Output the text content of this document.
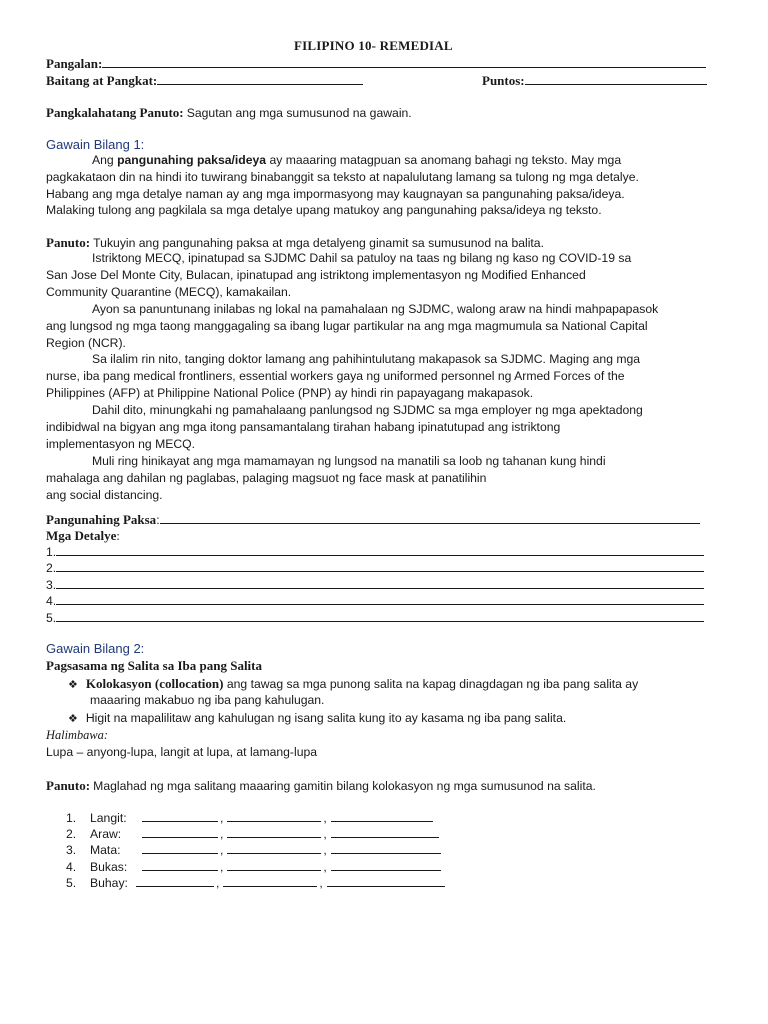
FILIPINO 10- REMEDIAL
Pangalan:
Baitang at Pangkat:	Puntos:
Pangkalahatang Panuto: Sagutan ang mga sumusunod na gawain.
Gawain Bilang 1:

Ang pangunahing paksa/ideya ay maaaring matagpuan sa anomang bahagi ng teksto. May mga

pagkakataon din na hindi ito tuwirang binabanggit sa teksto at napalulutang lamang sa tulong ng mga detalye.

Habang ang mga detalye naman ay ang mga impormasyong may kaugnayan sa pangunahing paksa/ideya.

Malaking tulong ang pagkilala sa mga detalye upang matukoy ang pangunahing paksa/ideya ng teksto.

Panuto: Tukuyin ang pangunahing paksa at mga detalyeng ginamit sa sumusunod na balita.

Istriktong MECQ, ipinatupad sa SJDMC Dahil sa patuloy na taas ng bilang ng kaso ng COVID-19 sa

San Jose Del Monte City, Bulacan, ipinatupad ang istriktong implementasyon ng Modified Enhanced

Community Quarantine (MECQ), kamakailan.

Ayon sa panuntunang inilabas ng lokal na pamahalaan ng SJDMC, walong araw na hindi mahpapapasok

ang lungsod ng mga taong manggagaling sa ibang lugar partikular na ang mga magmumula sa National Capital

Region (NCR).

Sa ilalim rin nito, tanging doktor lamang ang pahihintulutang makapasok sa SJDMC. Maging ang mga

nurse, iba pang medical frontliners, essential workers gaya ng uniformed personnel ng Armed Forces of the

Philippines (AFP) at Philippine National Police (PNP) ay hindi rin papayagang makapasok.

Dahil dito, minungkahi ng pamahalaang panlungsod ng SJDMC sa mga employer ng mga apektadong

indibidwal na bigyan ang mga itong pansamantalang tirahan habang ipinatutupad ang istriktong

implementasyon ng MECQ.

Muli ring hinikayat ang mga mamamayan ng lungsod na manatili sa loob ng tahanan kung hindi

mahalaga ang dahilan ng paglabas, palaging magsuot ng face mask at panatilihin

ang social distancing.

Pangunahing Paksa:
Mga Detalye:
1.
2.
3.
4.
5.
Gawain Bilang 2:
Pagsasama ng Salita sa Iba pang Salita
❖ Kolokasyon (collocation) ang tawag sa mga punong salita na kapag dinagdagan ng iba pang salita ay
maaaring makabuo ng iba pang kahulugan.
❖ Higit na mapalilitaw ang kahulugan ng isang salita kung ito ay kasama ng iba pang salita.
Halimbawa:
Lupa – anyong-lupa, langit at lupa, at lamang-lupa
Panuto: Maglahad ng mga salitang maaaring gamitin bilang kolokasyon ng mga sumusunod na salita.
1. Langit:	,	,
2. Araw:	,	,
3. Mata:	,	,
4. Bukas:	,	,
5. Buhay:	,	,
